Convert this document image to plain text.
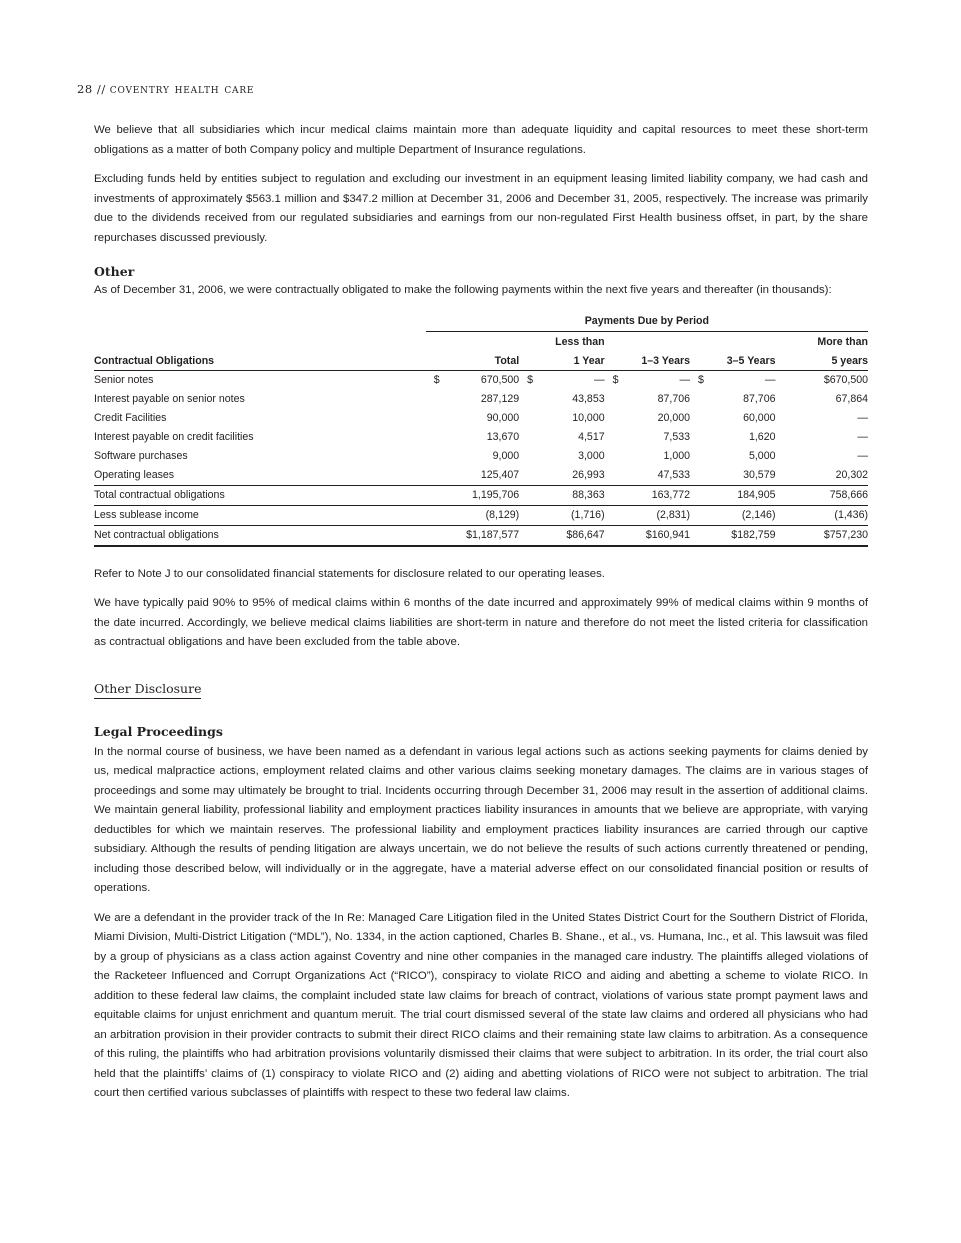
28 // coventry health care

We believe that all subsidiaries which incur medical claims maintain more than adequate liquidity and capital resources to meet these short-term obligations as a matter of both Company policy and multiple Department of Insurance regulations.

Excluding funds held by entities subject to regulation and excluding our investment in an equipment leasing limited liability company, we had cash and investments of approximately $563.1 million and $347.2 million at December 31, 2006 and December 31, 2005, respectively. The increase was primarily due to the dividends received from our regulated subsidiaries and earnings from our non-regulated First Health business offset, in part, by the share repurchases discussed previously.

Other

As of December 31, 2006, we were contractually obligated to make the following payments within the next five years and thereafter (in thousands):

	Payments Due by Period				
		Less than			More than
Contractual Obligations	Total	1 Year	1–3 Years	3–5 Years	5 years
Senior notes	$ 670,500	$ —	$ —	$ —	$670,500
Interest payable on senior notes	287,129	43,853	87,706	87,706	67,864
Credit Facilities	90,000	10,000	20,000	60,000	—
Interest payable on credit facilities	13,670	4,517	7,533	1,620	—
Software purchases	9,000	3,000	1,000	5,000	—
Operating leases	125,407	26,993	47,533	30,579	20,302
Total contractual obligations	1,195,706	88,363	163,772	184,905	758,666
Less sublease income	(8,129)	(1,716)	(2,831)	(2,146)	(1,436)
Net contractual obligations	$1,187,577	$86,647	$160,941	$182,759	$757,230

Refer to Note J to our consolidated financial statements for disclosure related to our operating leases.

We have typically paid 90% to 95% of medical claims within 6 months of the date incurred and approximately 99% of medical claims within 9 months of the date incurred. Accordingly, we believe medical claims liabilities are short-term in nature and therefore do not meet the listed criteria for classification as contractual obligations and have been excluded from the table above.

Other Disclosure
Legal Proceedings

In the normal course of business, we have been named as a defendant in various legal actions such as actions seeking payments for claims denied by us, medical malpractice actions, employment related claims and other various claims seeking monetary damages. The claims are in various stages of proceedings and some may ultimately be brought to trial. Incidents occurring through December 31, 2006 may result in the assertion of additional claims. We maintain general liability, professional liability and employment practices liability insurances in amounts that we believe are appropriate, with varying deductibles for which we maintain reserves. The professional liability and employment practices liability insurances are carried through our captive subsidiary. Although the results of pending litigation are always uncertain, we do not believe the results of such actions currently threatened or pending, including those described below, will individually or in the aggregate, have a material adverse effect on our consolidated financial position or results of operations.

We are a defendant in the provider track of the In Re: Managed Care Litigation filed in the United States District Court for the Southern District of Florida, Miami Division, Multi-District Litigation (“MDL”), No. 1334, in the action captioned, Charles B. Shane., et al., vs. Humana, Inc., et al. This lawsuit was filed by a group of physicians as a class action against Coventry and nine other companies in the managed care industry. The plaintiffs alleged violations of the Racketeer Influenced and Corrupt Organizations Act (“RICO”), conspiracy to violate RICO and aiding and abetting a scheme to violate RICO. In addition to these federal law claims, the complaint included state law claims for breach of contract, violations of various state prompt payment laws and equitable claims for unjust enrichment and quantum meruit. The trial court dismissed several of the state law claims and ordered all physicians who had an arbitration provision in their provider contracts to submit their direct RICO claims and their remaining state law claims to arbitration. As a consequence of this ruling, the plaintiffs who had arbitration provisions voluntarily dismissed their claims that were subject to arbitration. In its order, the trial court also held that the plaintiffs’ claims of (1) conspiracy to violate RICO and (2) aiding and abetting violations of RICO were not subject to arbitration. The trial court then certified various subclasses of plaintiffs with respect to these two federal law claims.
